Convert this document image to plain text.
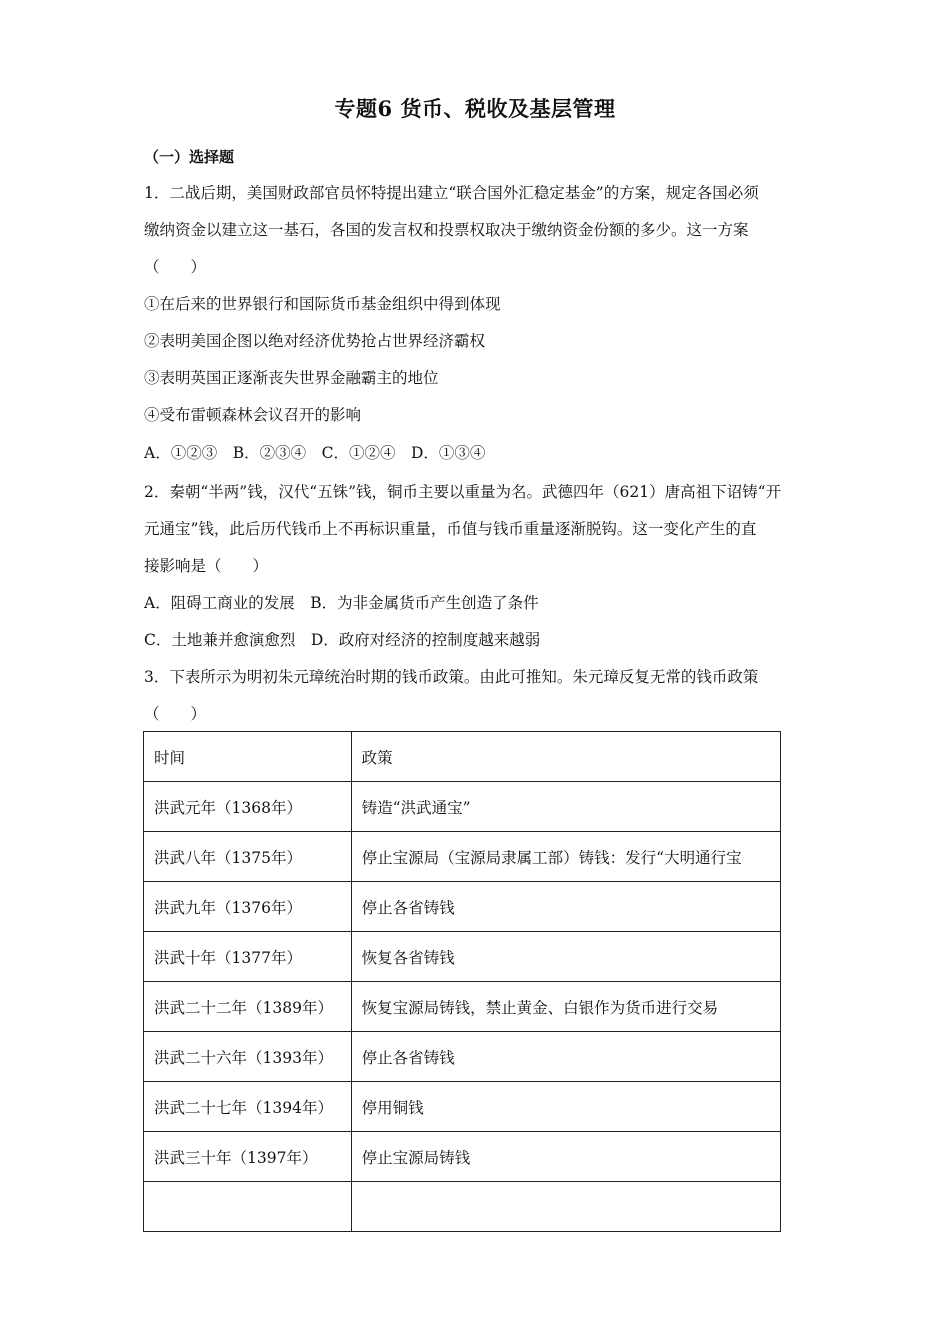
专题6 货币、税收及基层管理
（一）选择题
1．二战后期，美国财政部官员怀特提出建立“联合国外汇稳定基金”的方案，规定各国必须
缴纳资金以建立这一基石，各国的发言权和投票权取决于缴纳资金份额的多少。这一方案
（　　）
①在后来的世界银行和国际货币基金组织中得到体现
②表明美国企图以绝对经济优势抢占世界经济霸权
③表明英国正逐渐丧失世界金融霸主的地位
④受布雷顿森林会议召开的影响
A．①②③　B．②③④　C．①②④　D．①③④
2．秦朝“半两”钱，汉代“五铢”钱，铜币主要以重量为名。武德四年（621）唐高祖下诏铸“开
元通宝”钱，此后历代钱币上不再标识重量，币值与钱币重量逐渐脱钩。这一变化产生的直
接影响是（　　）
A．阻碍工商业的发展　B．为非金属货币产生创造了条件
C．土地兼并愈演愈烈　D．政府对经济的控制度越来越弱
3．下表所示为明初朱元璋统治时期的钱币政策。由此可推知。朱元璋反复无常的钱币政策
（　　）
时间	政策
洪武元年（1368年）	铸造“洪武通宝”
洪武八年（1375年）	停止宝源局（宝源局隶属工部）铸钱：发行“大明通行宝
洪武九年（1376年）	停止各省铸钱
洪武十年（1377年）	恢复各省铸钱
洪武二十二年（1389年）	恢复宝源局铸钱，禁止黄金、白银作为货币进行交易
洪武二十六年（1393年）	停止各省铸钱
洪武二十七年（1394年）	停用铜钱
洪武三十年（1397年）	停止宝源局铸钱
